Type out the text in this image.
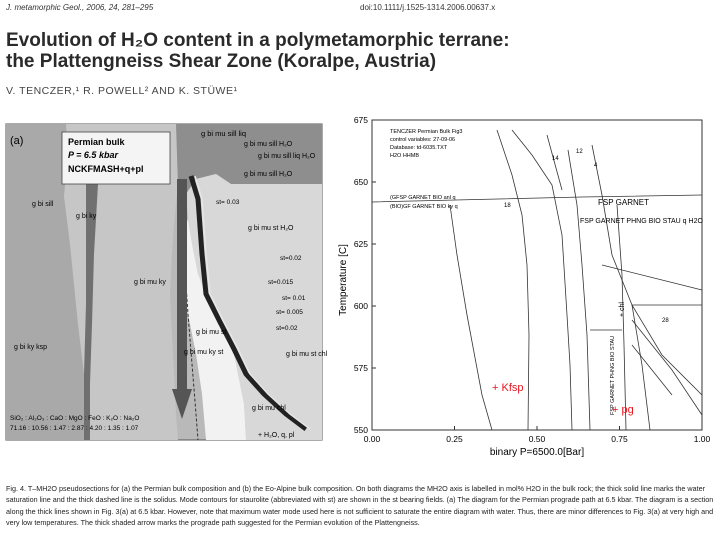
J. metamorphic Geol., 2006, 24, 281–295	doi:10.1111/j.1525-1314.2006.00637.x
Evolution of H₂O content in a polymetamorphic terrane:
the Plattengneiss Shear Zone (Koralpe, Austria)
V. TENCZER,¹ R. POWELL² AND K. STÜWE¹
Permian bulk
P = 6.5 kbar
NCKFMASH+q+pl
(a)
g bi mu sill liq
g bi mu sill H₂O
g bi mu sill liq H₂O
g bi mu sill H₂O
g bi sill
g bi mu st H₂O
g bi ky
g bi mu ky
g bi ky ksp
g bi mu ky st	g bi mu st chl
g bi mu st
g bi mu chl
st= 0.03
st=0.02
st=0.015
st= 0.01
st= 0.005
st=0.02
SiO₂ : Al₂O₃ : CaO : MgO : FeO : K₂O : Na₂O
71.16 : 10.56 : 1.47 : 2.87 : 4.20 : 1.35 : 1.07
+ H₂O, q, pl	0.00	0.25	0.50	0.75	1.00
550
575
600
625
650
675
TENCZER Permian Bulk Fig3
control variables: 27-09-06
Database: td-6035.TXT
H2O HHMB
(GFSP GARNET BIO anl q
(BIO)GF GARNET BIO ky q	FSP GARNET
FSP GARNET PHNG BIO STAU q H2O
FSP GARNET PHNG BIO STAU
+ chl
+ Kfsp
+ pg
18
28
14
12
4
binary P=6500.0[Bar]
Temperature [C]
Fig. 4. T–MH2O pseudosections for (a) the Permian bulk composition and (b) the Eo-Alpine bulk composition. On both diagrams the MH2O axis is labelled in mol% H2O in the bulk rock; the thick solid line marks the water saturation line and the thick dashed line is the solidus. Mode contours for staurolite (abbreviated with st) are shown in the st bearing fields. (a) The diagram for the Permian prograde path at 6.5 kbar. The diagram is a section along the thick lines shown in Fig. 3(a) at 6.5 kbar. However, note that maximum water mode used here is not sufficient to saturate the entire diagram with water. Thus, there are minor differences to Fig. 3(a) at very high and very low temperatures. The thick shaded arrow marks the prograde path suggested for the Permian evolution of the Plattengneiss.
